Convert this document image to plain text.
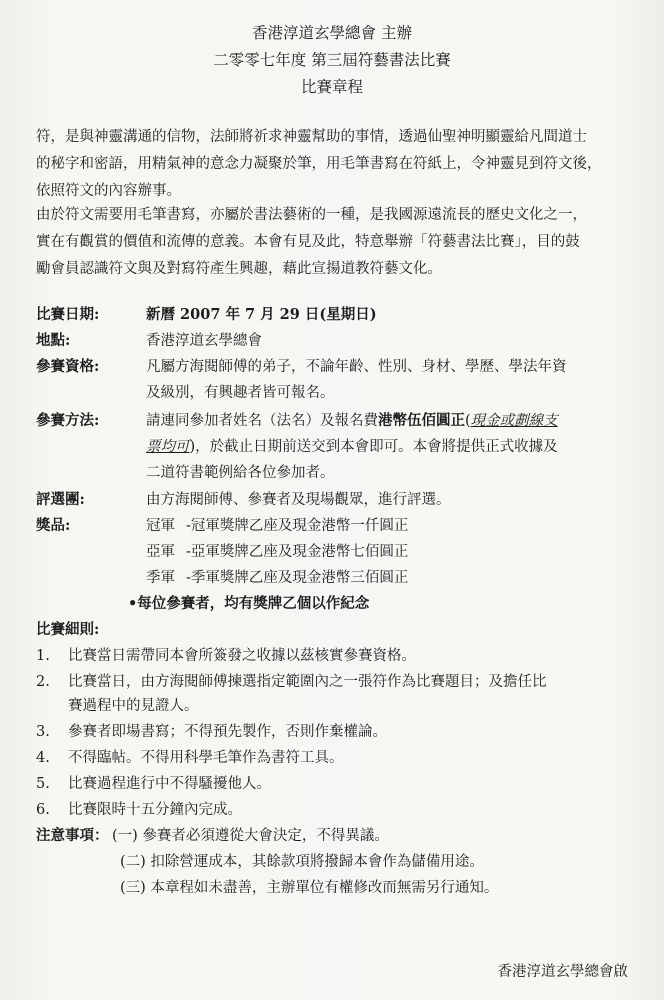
香港淳道玄學總會 主辦
二零零七年度 第三屆符藝書法比賽
比賽章程
符，是與神靈溝通的信物，法師將祈求神靈幫助的事情，透過仙聖神明顯靈給凡間道士
的秘字和密語，用精氣神的意念力凝聚於筆，用毛筆書寫在符紙上，令神靈見到符文後，
依照符文的內容辦事。
由於符文需要用毛筆書寫，亦屬於書法藝術的一種，是我國源遠流長的歷史文化之一，
實在有觀賞的價值和流傳的意義。本會有見及此，特意舉辦「符藝書法比賽」，目的鼓
勵會員認識符文與及對寫符產生興趣，藉此宣揚道教符藝文化。
比賽日期:	新曆 2007 年 7 月 29 日(星期日)
地點:	香港淳道玄學總會
參賽資格:	凡屬方海閱師傅的弟子，不論年齡、性別、身材、學歷、學法年資
及級別，有興趣者皆可報名。
參賽方法:	請連同參加者姓名（法名）及報名費港幣伍佰圓正(現金或劃線支
票均可)，於截止日期前送交到本會即可。本會將提供正式收據及
二道符書範例給各位參加者。
評選團:	由方海閱師傅、參賽者及現場觀眾，進行評選。
獎品:	冠軍 -冠軍獎牌乙座及現金港幣一仟圓正
亞軍 -亞軍獎牌乙座及現金港幣七佰圓正
季軍 -季軍獎牌乙座及現金港幣三佰圓正
•每位參賽者，均有獎牌乙個以作紀念
比賽細則:
1. 比賽當日需帶同本會所簽發之收據以茲核實參賽資格。
2. 比賽當日，由方海閱師傅揀選指定範圍內之一張符作為比賽題目；及擔任比
賽過程中的見證人。
3. 參賽者即場書寫；不得預先製作，否則作棄權論。
4. 不得臨帖。不得用科學毛筆作為書符工具。
5. 比賽過程進行中不得騷擾他人。
6. 比賽限時十五分鐘內完成。
注意事項： (一) 參賽者必須遵從大會決定，不得異議。
(二) 扣除營運成本，其餘款項將撥歸本會作為儲備用途。
(三) 本章程如未盡善，主辦單位有權修改而無需另行通知。
香港淳道玄學總會啟
